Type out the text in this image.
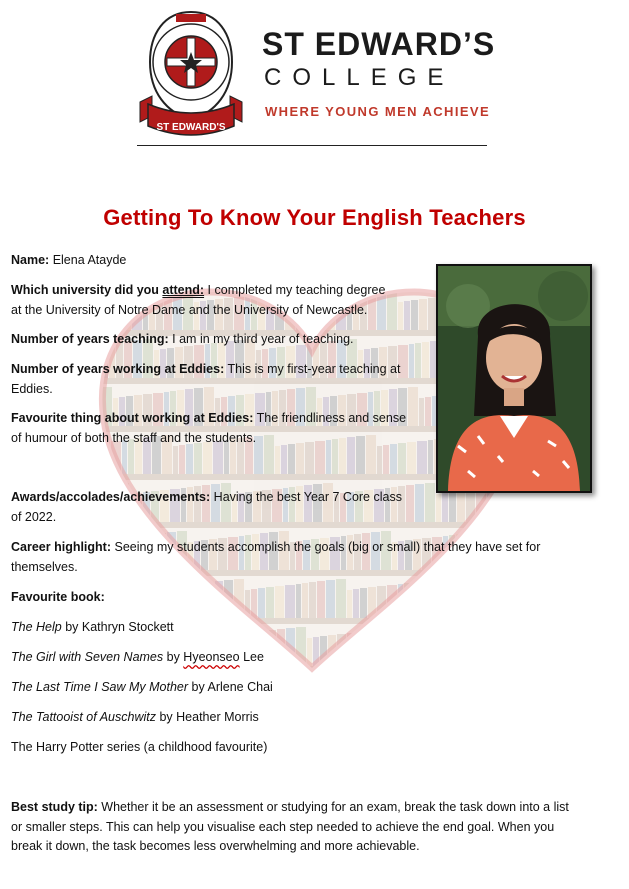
ST EDWARD'S
ST EDWARD’S
COLLEGE
WHERE YOUNG MEN ACHIEVE
Getting To Know Your English Teachers

Name: Elena Atayde

Which university did you attend: I completed my teaching degree
at the University of Notre Dame and the University of Newcastle.

Number of years teaching: I am in my third year of teaching.

Number of years working at Eddies: This is my first-year teaching at
Eddies.

Favourite thing about working at Eddies: The friendliness and sense
of humour of both the staff and the students.

Awards/accolades/achievements: Having the best Year 7 Core class
of 2022.

Career highlight: Seeing my students accomplish the goals (big or small) that they have set for
themselves.

Favourite book:

The Help by Kathryn Stockett

The Girl with Seven Names by Hyeonseo Lee

The Last Time I Saw My Mother by Arlene Chai

The Tattooist of Auschwitz by Heather Morris

The Harry Potter series (a childhood favourite)

Best study tip: Whether it be an assessment or studying for an exam, break the task down into a list
or smaller steps. This can help you visualise each step needed to achieve the end goal. When you
break it down, the task becomes less overwhelming and more achievable.
